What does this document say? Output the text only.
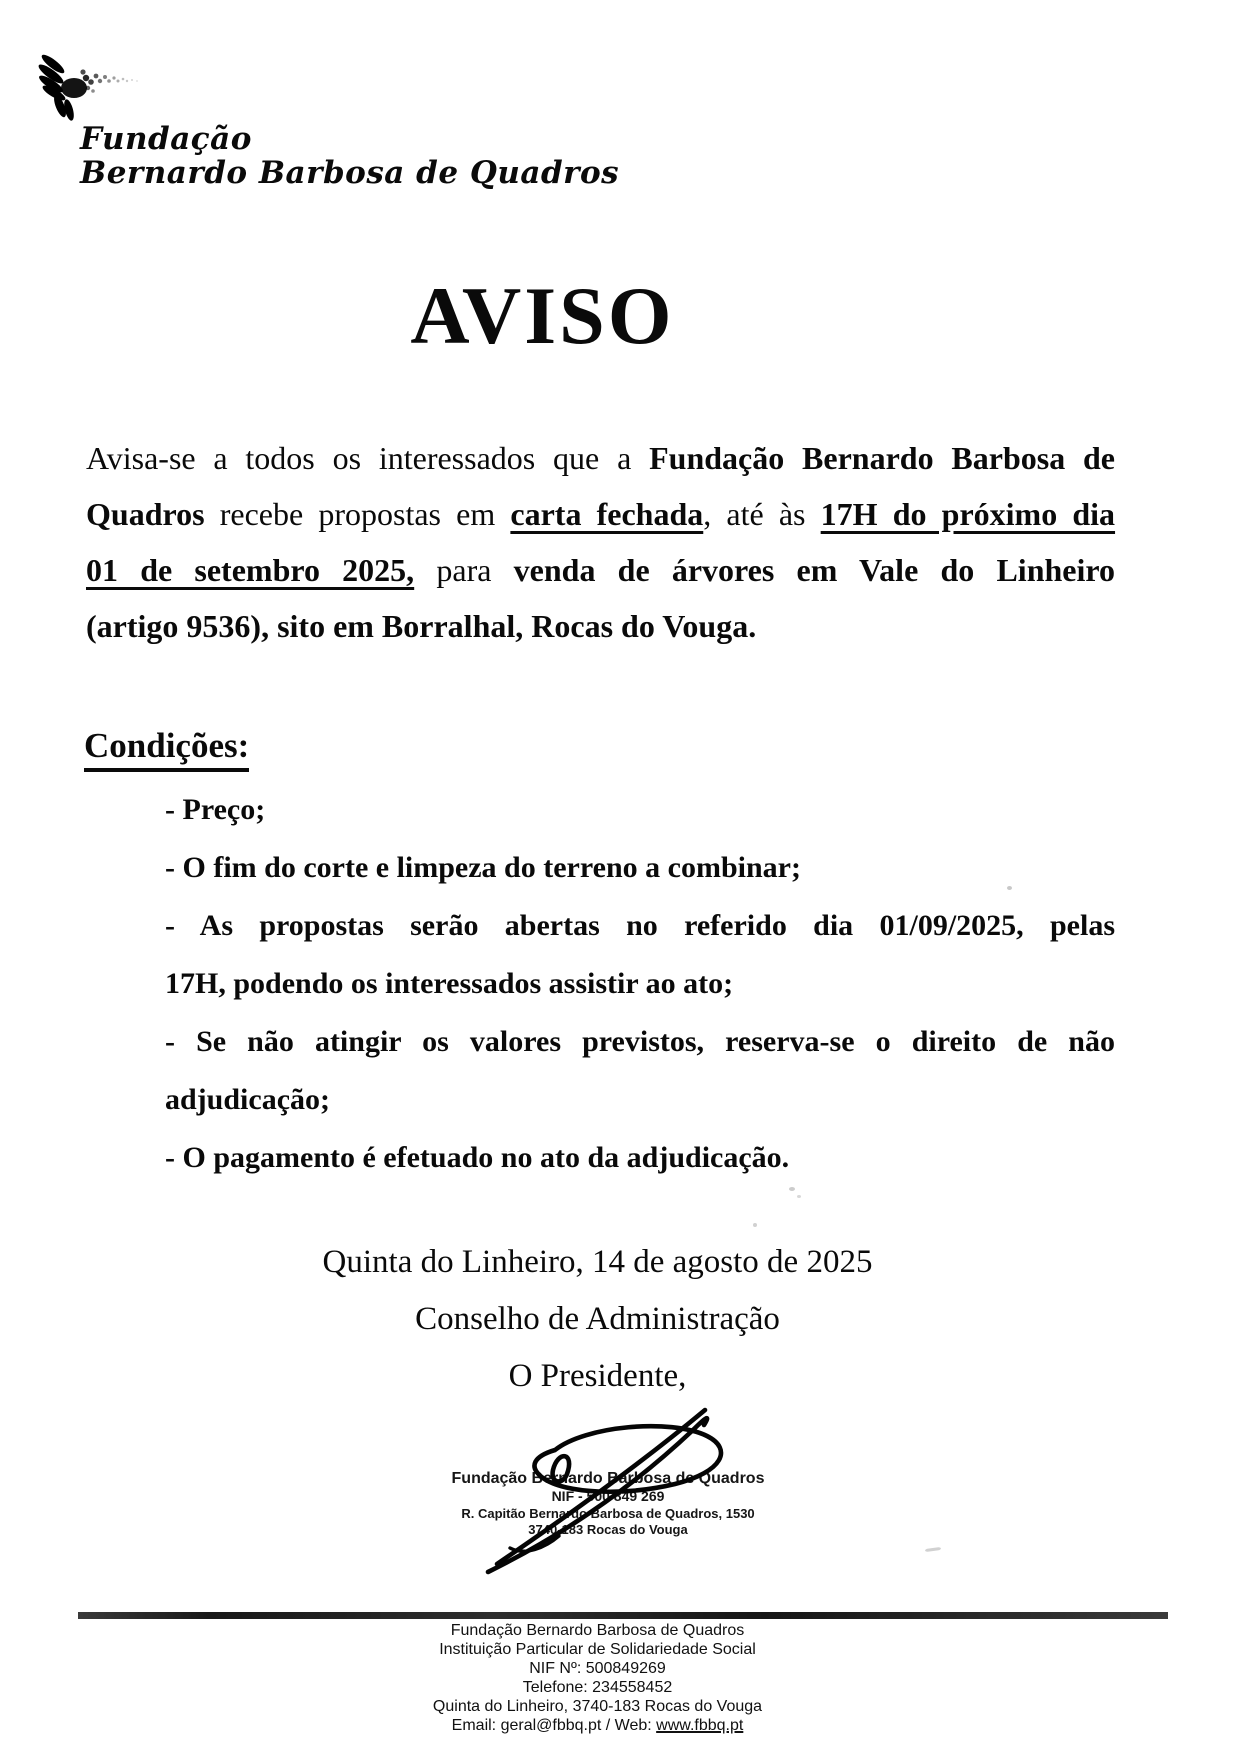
Fundação
Bernardo Barbosa de Quadros
AVISO
Avisa-se a todos os interessados que a Fundação Bernardo Barbosa de
Quadros recebe propostas em carta fechada, até às 17H do próximo dia
01 de setembro 2025, para venda de árvores em Vale do Linheiro
(artigo 9536), sito em Borralhal, Rocas do Vouga.
Condições:
- Preço;
- O fim do corte e limpeza do terreno a combinar;
- As propostas serão abertas no referido dia 01/09/2025, pelas
17H, podendo os interessados assistir ao ato;
- Se não atingir os valores previstos, reserva-se o direito de não
adjudicação;
- O pagamento é efetuado no ato da adjudicação.
Quinta do Linheiro, 14 de agosto de 2025
Conselho de Administração
O Presidente,
Fundação Bernardo Barbosa de Quadros
NIF - 500 849 269
R. Capitão Bernardo Barbosa de Quadros, 1530
3740-183 Rocas do Vouga
Fundação Bernardo Barbosa de Quadros
Instituição Particular de Solidariedade Social
NIF Nº: 500849269
Telefone: 234558452
Quinta do Linheiro, 3740-183 Rocas do Vouga
Email: geral@fbbq.pt / Web: www.fbbq.pt
